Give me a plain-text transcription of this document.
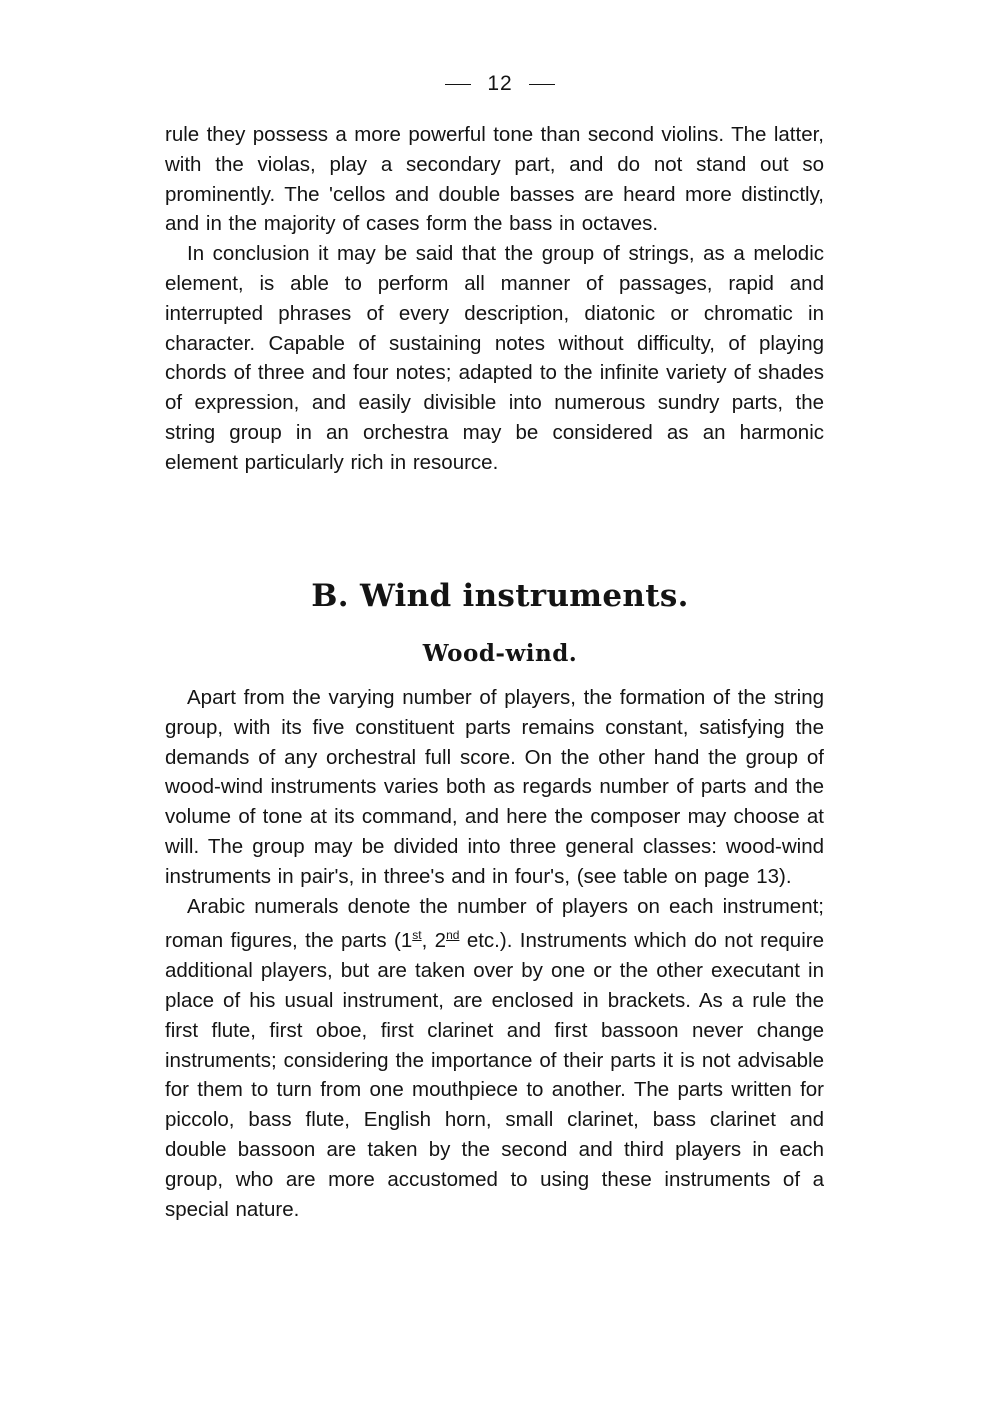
12

rule they possess a more powerful tone than second violins. The latter, with the violas, play a secondary part, and do not stand out so prominently. The 'cellos and double basses are heard more distinctly, and in the majority of cases form the bass in octaves.

In conclusion it may be said that the group of strings, as a melodic element, is able to perform all manner of passages, rapid and interrupted phrases of every description, diatonic or chromatic in character. Capable of sustaining notes without difficulty, of playing chords of three and four notes; adapted to the infinite variety of shades of expression, and easily divisible into numerous sundry parts, the string group in an orchestra may be considered as an harmonic element particularly rich in resource.

B. Wind instruments.
Wood-wind.

Apart from the varying number of players, the formation of the string group, with its five constituent parts remains constant, satisfying the demands of any orchestral full score. On the other hand the group of wood-wind instruments varies both as regards number of parts and the volume of tone at its command, and here the composer may choose at will. The group may be divided into three general classes: wood-wind instruments in pair's, in three's and in four's, (see table on page 13).

Arabic numerals denote the number of players on each instrument; roman figures, the parts (1st, 2nd etc.). Instruments which do not require additional players, but are taken over by one or the other executant in place of his usual instrument, are enclosed in brackets. As a rule the first flute, first oboe, first clarinet and first bassoon never change instruments; considering the importance of their parts it is not advisable for them to turn from one mouthpiece to another. The parts written for piccolo, bass flute, English horn, small clarinet, bass clarinet and double bassoon are taken by the second and third players in each group, who are more accustomed to using these instruments of a special nature.
